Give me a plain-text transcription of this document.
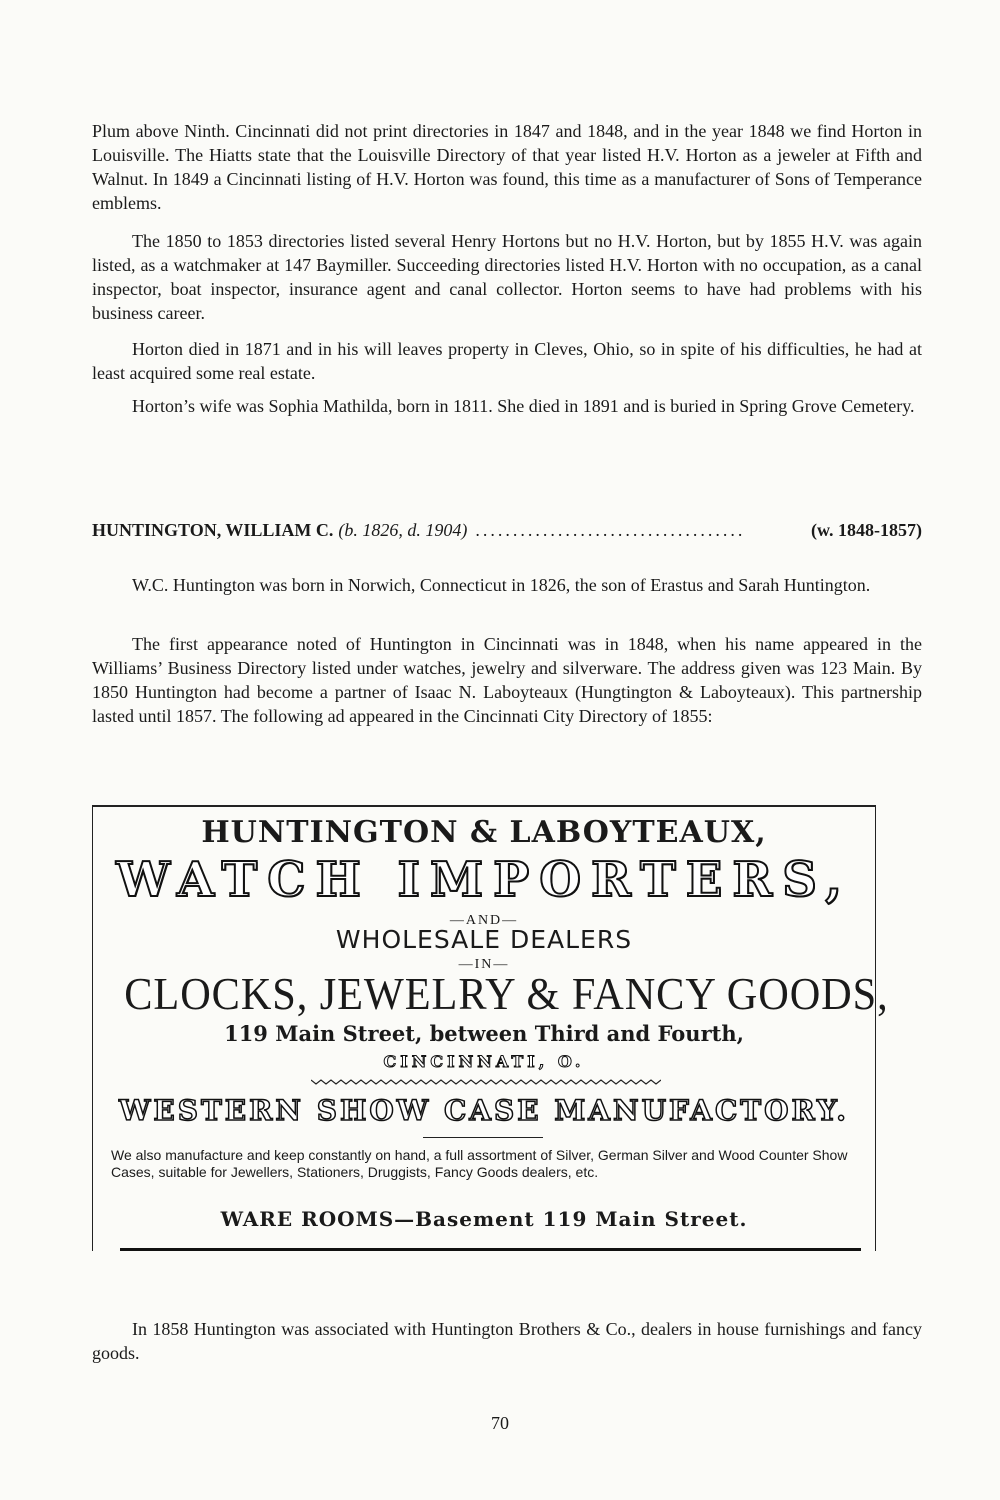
Plum above Ninth. Cincinnati did not print directories in 1847 and 1848, and in the year 1848 we find Horton in Louisville. The Hiatts state that the Louisville Directory of that year listed H.V. Horton as a jeweler at Fifth and Walnut. In 1849 a Cincinnati listing of H.V. Horton was found, this time as a manufacturer of Sons of Temperance emblems.

The 1850 to 1853 directories listed several Henry Hortons but no H.V. Horton, but by 1855 H.V. was again listed, as a watchmaker at 147 Baymiller. Succeeding directories listed H.V. Horton with no occupation, as a canal inspector, boat inspector, insurance agent and canal collector. Horton seems to have had problems with his business career.

Horton died in 1871 and in his will leaves property in Cleves, Ohio, so in spite of his difficulties, he had at least acquired some real estate.

Horton’s wife was Sophia Mathilda, born in 1811. She died in 1891 and is buried in Spring Grove Cemetery.

HUNTINGTON, WILLIAM C. (b. 1826, d. 1904) ....................................	(w. 1848-1857)

W.C. Huntington was born in Norwich, Connecticut in 1826, the son of Erastus and Sarah Huntington.

The first appearance noted of Huntington in Cincinnati was in 1848, when his name appeared in the Williams’ Business Directory listed under watches, jewelry and silverware. The address given was 123 Main. By 1850 Huntington had become a partner of Isaac N. Laboyteaux (Hungtington & Laboyteaux). This partnership lasted until 1857. The following ad appeared in the Cincinnati City Directory of 1855:

HUNTINGTON & LABOYTEAUX,
WATCH IMPORTERS,
—AND—
WHOLESALE DEALERS
—IN—
CLOCKS, JEWELRY & FANCY GOODS,
119 Main Street, between Third and Fourth,
CINCINNATI, O.
WESTERN SHOW CASE MANUFACTORY.
We also manufacture and keep constantly on hand, a full assortment of Silver, German Silver and Wood Counter Show Cases, suitable for Jewellers, Stationers, Druggists, Fancy Goods dealers, etc.
WARE ROOMS—Basement 119 Main Street.

In 1858 Huntington was associated with Huntington Brothers & Co., dealers in house furnishings and fancy goods.

70
